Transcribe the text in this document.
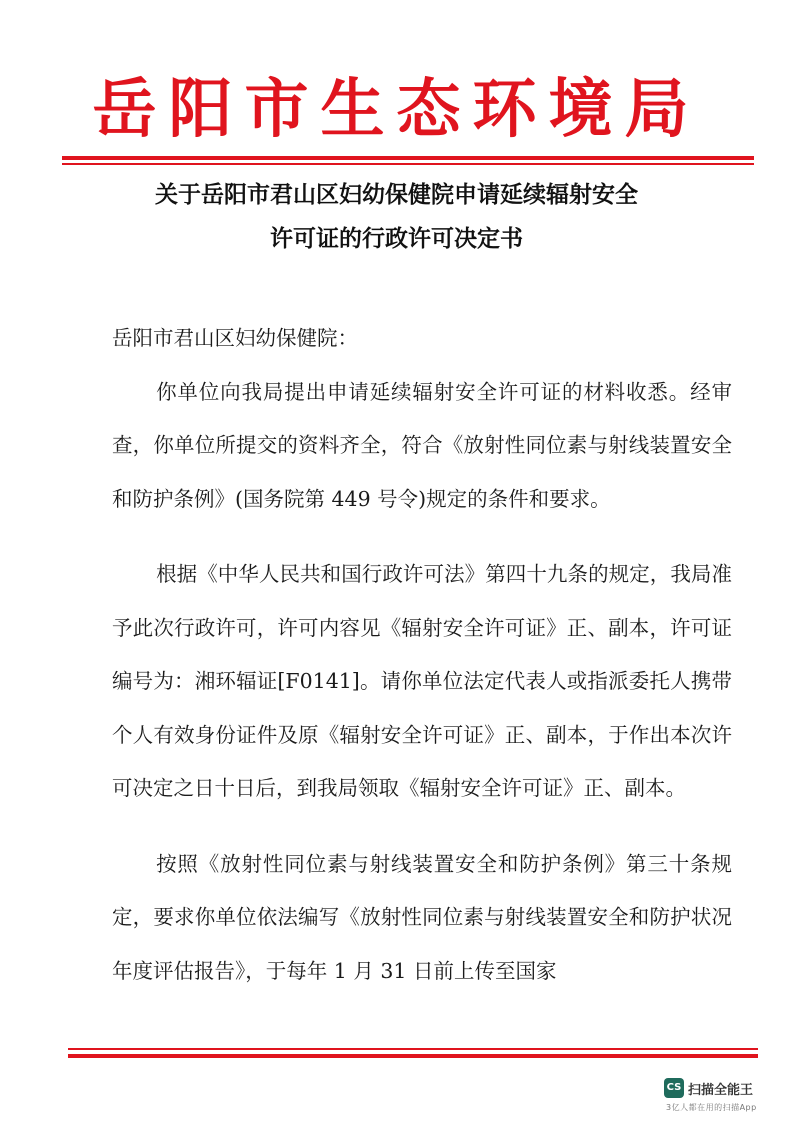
岳阳市生态环境局
关于岳阳市君山区妇幼保健院申请延续辐射安全
许可证的行政许可决定书

岳阳市君山区妇幼保健院：

你单位向我局提出申请延续辐射安全许可证的材料收悉。经审查，你单位所提交的资料齐全，符合《放射性同位素与射线装置安全和防护条例》(国务院第 449 号令)规定的条件和要求。

根据《中华人民共和国行政许可法》第四十九条的规定，我局准予此次行政许可，许可内容见《辐射安全许可证》正、副本，许可证编号为：湘环辐证[F0141]。请你单位法定代表人或指派委托人携带个人有效身份证件及原《辐射安全许可证》正、副本，于作出本次许可决定之日十日后，到我局领取《辐射安全许可证》正、副本。

按照《放射性同位素与射线装置安全和防护条例》第三十条规定，要求你单位依法编写《放射性同位素与射线装置安全和防护状况年度评估报告》，于每年 1 月 31 日前上传至国家

CS 扫描全能王
3亿人都在用的扫描App
